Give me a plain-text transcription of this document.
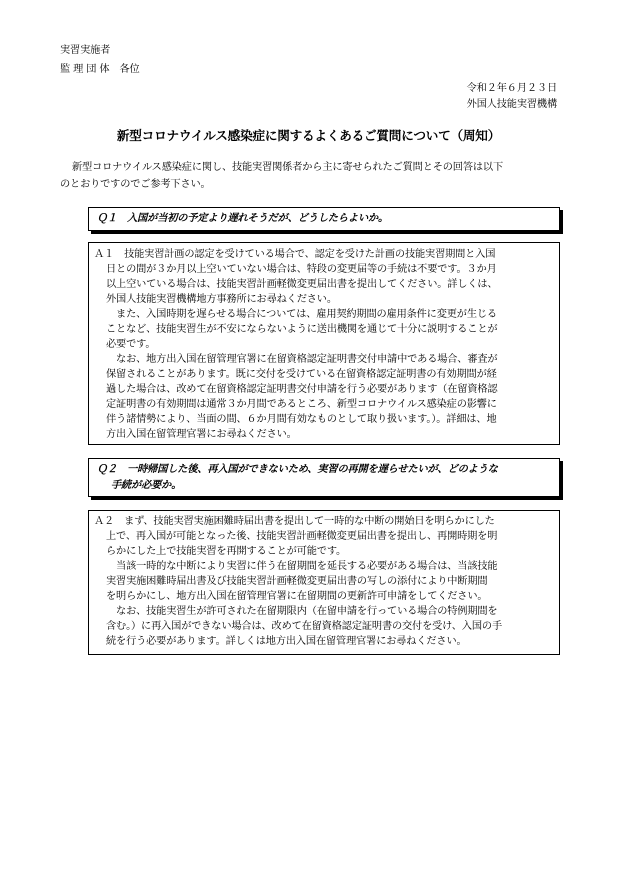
実習実施者
監 理 団 体　各位
令和２年６月２３日
外国人技能実習機構
新型コロナウイルス感染症に関するよくあるご質問について（周知）
新型コロナウイルス感染症に関し、技能実習関係者から主に寄せられたご質問とその回答は以下
のとおりですのでご参考下さい。
Ｑ１　入国が当初の予定より遅れそうだが、どうしたらよいか。
Ａ１　技能実習計画の認定を受けている場合で、認定を受けた計画の技能実習期間と入国
日との間が３か月以上空いていない場合は、特段の変更届等の手続は不要です。３か月
以上空いている場合は、技能実習計画軽微変更届出書を提出してください。詳しくは、
外国人技能実習機構地方事務所にお尋ねください。
　また、入国時期を遅らせる場合については、雇用契約期間の雇用条件に変更が生じる
ことなど、技能実習生が不安にならないように送出機関を通じて十分に説明することが
必要です。
　なお、地方出入国在留管理官署に在留資格認定証明書交付申請中である場合、審査が
保留されることがあります。既に交付を受けている在留資格認定証明書の有効期間が経
過した場合は、改めて在留資格認定証明書交付申請を行う必要があります（在留資格認
定証明書の有効期間は通常３か月間であるところ、新型コロナウイルス感染症の影響に
伴う諸情勢により、当面の間、６か月間有効なものとして取り扱います。）。詳細は、地
方出入国在留管理官署にお尋ねください。
Ｑ２　一時帰国した後、再入国ができないため、実習の再開を遅らせたいが、どのような
手続が必要か。
Ａ２　まず、技能実習実施困難時届出書を提出して一時的な中断の開始日を明らかにした
上で、再入国が可能となった後、技能実習計画軽微変更届出書を提出し、再開時期を明
らかにした上で技能実習を再開することが可能です。
　当該一時的な中断により実習に伴う在留期間を延長する必要がある場合は、当該技能
実習実施困難時届出書及び技能実習計画軽微変更届出書の写しの添付により中断期間
を明らかにし、地方出入国在留管理官署に在留期間の更新許可申請をしてください。
　なお、技能実習生が許可された在留期限内（在留申請を行っている場合の特例期間を
含む。）に再入国ができない場合は、改めて在留資格認定証明書の交付を受け、入国の手
続を行う必要があります。詳しくは地方出入国在留管理官署にお尋ねください。
